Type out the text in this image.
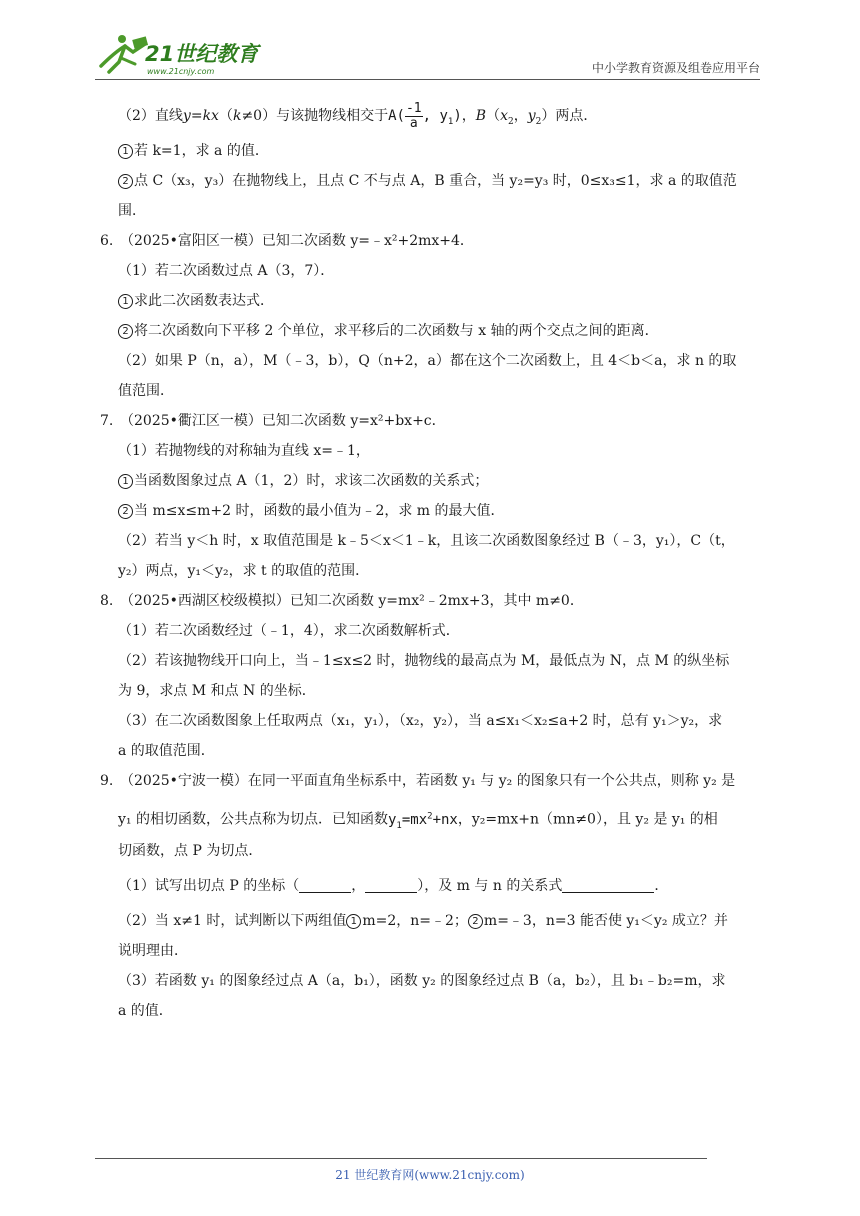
21世纪教育
www.21cnjy.com	中小学教育资源及组卷应用平台
（2）直线y=kx（k≠0）与该抛物线相交于$A( \frac{-1}{a}$ , $y_1$)，$B(x_2$，$y_2$）两点．
1 若 k=1，求 a 的值．
2 点 C（x₃，y₃）在抛物线上，且点 C 不与点 A，B 重合，当 y₂=y₃ 时，0≤x₃≤1，求 a 的取值范
围．
6. （2025•富阳区一模）已知二次函数 y=﹣x²+2mx+4．
（1）若二次函数过点 A（3，7）．
1 求此二次函数表达式．
2 将二次函数向下平移 2 个单位，求平移后的二次函数与 x 轴的两个交点之间的距离．
（2）如果 P（n，a），M（﹣3，b），Q（n+2，a）都在这个二次函数上，且 4＜b＜a，求 n 的取
值范围．
7. （2025•衢江区一模）已知二次函数 y=x²+bx+c．
（1）若抛物线的对称轴为直线 x=﹣1，
1 当函数图象过点 A（1，2）时，求该二次函数的关系式；
2 当 m≤x≤m+2 时，函数的最小值为﹣2，求 m 的最大值．
（2）若当 y＜h 时，x 取值范围是 k﹣5＜x＜1﹣k，且该二次函数图象经过 B（﹣3，y₁），C（t，
y₂）两点，y₁＜y₂，求 t 的取值的范围．
8. （2025•西湖区校级模拟）已知二次函数 y=mx²﹣2mx+3，其中 m≠0．
（1）若二次函数经过（﹣1，4），求二次函数解析式．
（2）若该抛物线开口向上，当﹣1≤x≤2 时，抛物线的最高点为 M，最低点为 N，点 M 的纵坐标
为 9，求点 M 和点 N 的坐标．
（3）在二次函数图象上任取两点（x₁，y₁），（x₂，y₂），当 a≤x₁＜x₂≤a+2 时，总有 y₁＞y₂，求
a 的取值范围．
9. （2025•宁波一模）在同一平面直角坐标系中，若函数 y₁ 与 y₂ 的图象只有一个公共点，则称 y₂ 是
y₁ 的相切函数，公共点称为切点．已知函数$y_1=mx^2+nx$，y₂=mx+n（mn≠0），且 y₂ 是 y₁ 的相
切函数，点 P 为切点．
（1）试写出切点 P 的坐标（	，	），及 m 与 n 的关系式	．
（2）当 x≠1 时，试判断以下两组值 1 m=2，n=﹣2； 2 m=﹣3，n=3 能否使 y₁＜y₂ 成立？并
说明理由．
（3）若函数 y₁ 的图象经过点 A（a，b₁），函数 y₂ 的图象经过点 B（a，b₂），且 b₁﹣b₂=m，求
a 的值．
21 世纪教育网(www.21cnjy.com)
